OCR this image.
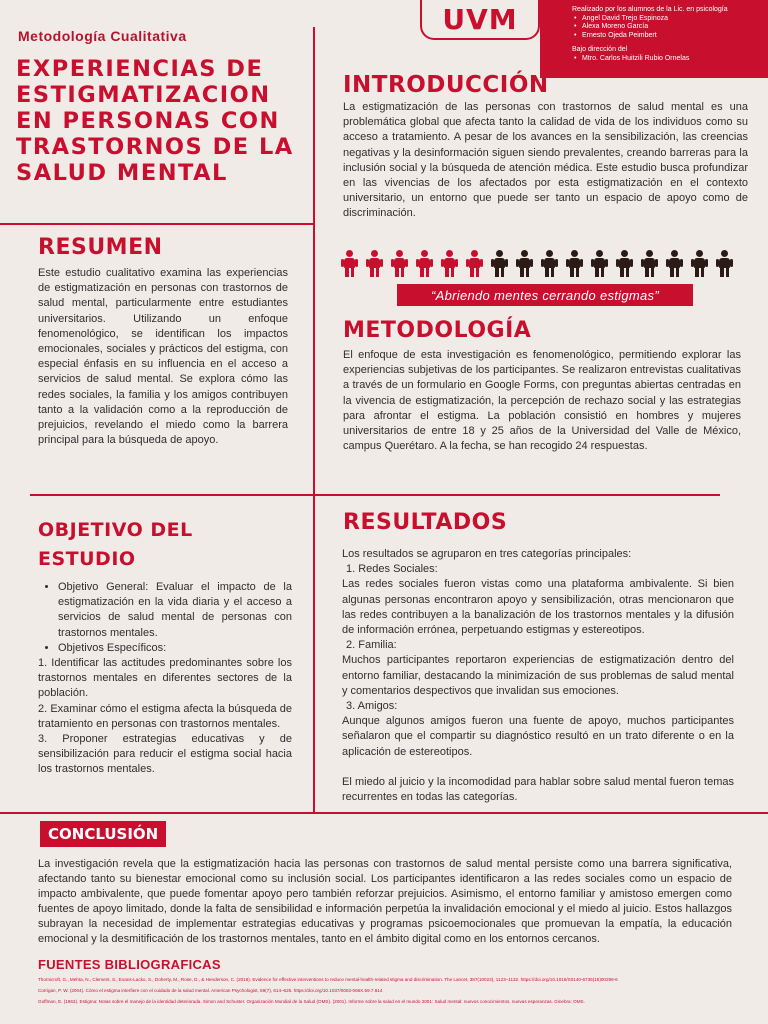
Metodología Cualitativa
EXPERIENCIAS DE ESTIGMATIZACION EN PERSONAS CON TRASTORNOS DE LA SALUD MENTAL
UVM	Realizado por los alumnos de la Lic. en psicología
• Angel David Trejo Espinoza
• Alexa Moreno García
• Ernesto Ojeda Peimbert
Bajo dirección del
• Mtro. Carlos Huitzili Rubio Ornelas
INTRODUCCIÓN

La estigmatización de las personas con trastornos de salud mental es una problemática global que afecta tanto la calidad de vida de los individuos como su acceso a tratamiento. A pesar de los avances en la sensibilización, las creencias negativas y la desinformación siguen siendo prevalentes, creando barreras para la inclusión social y la búsqueda de atención médica. Este estudio busca profundizar en las vivencias de los afectados por esta estigmatización en el contexto universitario, un entorno que puede ser tanto un espacio de apoyo como de discriminación.

“Abriendo mentes cerrando estigmas”
RESUMEN

Este estudio cualitativo examina las experiencias de estigmatización en personas con trastornos de salud mental, particularmente entre estudiantes universitarios. Utilizando un enfoque fenomenológico, se identifican los impactos emocionales, sociales y prácticos del estigma, con especial énfasis en su influencia en el acceso a servicios de salud mental. Se explora cómo las redes sociales, la familia y los amigos contribuyen tanto a la validación como a la reproducción de prejuicios, revelando el miedo como la barrera principal para la búsqueda de apoyo.

METODOLOGÍA

El enfoque de esta investigación es fenomenológico, permitiendo explorar las experiencias subjetivas de los participantes. Se realizaron entrevistas cualitativas a través de un formulario en Google Forms, con preguntas abiertas centradas en la vivencia de estigmatización, la percepción de rechazo social y las estrategias para afrontar el estigma. La población consistió en hombres y mujeres universitarios de entre 18 y 25 años de la Universidad del Valle de México, campus Querétaro. A la fecha, se han recogido 24 respuestas.

OBJETIVO DEL
ESTUDIO
• Objetivo General: Evaluar el impacto de la estigmatización en la vida diaria y el acceso a servicios de salud mental de personas con trastornos mentales.
• Objetivos Específicos:
1. Identificar las actitudes predominantes sobre los trastornos mentales en diferentes sectores de la población.
2. Examinar cómo el estigma afecta la búsqueda de tratamiento en personas con trastornos mentales.
3. Proponer estrategias educativas y de sensibilización para reducir el estigma social hacia los trastornos mentales.
RESULTADOS
Los resultados se agruparon en tres categorías principales:
1. Redes Sociales:
Las redes sociales fueron vistas como una plataforma ambivalente. Si bien algunas personas encontraron apoyo y sensibilización, otras mencionaron que las redes contribuyen a la banalización de los trastornos mentales y la difusión de información errónea, perpetuando estigmas y estereotipos.
2. Familia:
Muchos participantes reportaron experiencias de estigmatización dentro del entorno familiar, destacando la minimización de sus problemas de salud mental y comentarios despectivos que invalidan sus emociones.
3. Amigos:
Aunque algunos amigos fueron una fuente de apoyo, muchos participantes señalaron que el compartir su diagnóstico resultó en un trato diferente o en la aplicación de estereotipos.
El miedo al juicio y la incomodidad para hablar sobre salud mental fueron temas recurrentes en todas las categorías.
CONCLUSIÓN

La investigación revela que la estigmatización hacia las personas con trastornos de salud mental persiste como una barrera significativa, afectando tanto su bienestar emocional como su inclusión social. Los participantes identificaron a las redes sociales como un espacio de impacto ambivalente, que puede fomentar apoyo pero también reforzar prejuicios. Asimismo, el entorno familiar y amistoso emergen como fuentes de apoyo limitado, donde la falta de sensibilidad e información perpetúa la invalidación emocional y el miedo al juicio. Estos hallazgos subrayan la necesidad de implementar estrategias educativas y programas psicoemocionales que promuevan la empatía, la educación emocional y la desmitificación de los trastornos mentales, tanto en el ámbito digital como en los entornos cercanos.

FUENTES BIBLIOGRAFICAS
Thornicroft, G., Mehta, N., Clement, S., Evans-Lacko, S., Doherty, M., Rose, D., & Henderson, C. (2016). Evidence for effective interventions to reduce mental-health-related stigma and discrimination. The Lancet, 387(10023), 1123–1132. https://doi.org/10.1016/S0140-6736(15)00298-6
Corrigan, P. W. (2004). Cómo el estigma interfiere con el cuidado de la salud mental. American Psychologist, 59(7), 614–625. https://doi.org/10.1037/0003-066X.59.7.614
Goffman, E. (1963). Estigma: Notas sobre el manejo de la identidad deteriorada. Simon and Schuster. Organización Mundial de la Salud (OMS). (2001). Informe sobre la salud en el mundo 2001: Salud mental: nuevos conocimientos, nuevas esperanzas. Ginebra: OMS.
